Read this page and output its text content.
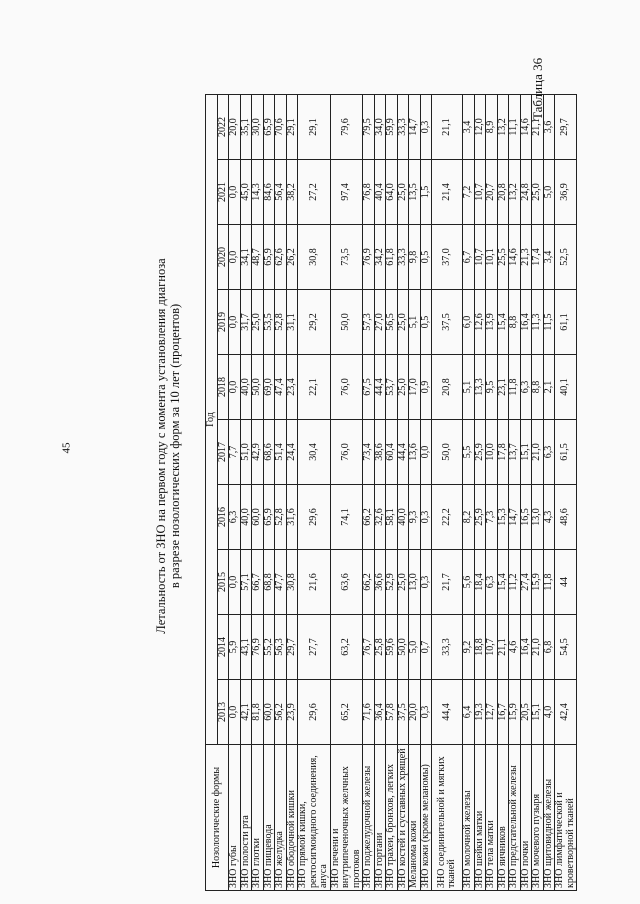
45
Таблица 36
Летальность от ЗНО на первом году с момента установления диагноза в разрезе нозологических форм за 10 лет (процентов)
Нозологические формы	Год									
	2013	2014	2015	2016	2017	2018	2019	2020	2021	2022
ЗНО губы	0,0	5,9	0,0	6,3	7,7	0,0	0,0	0,0	0,0	20,0
ЗНО полости рта	42,1	43,1	57,1	40,0	51,0	40,0	31,7	34,1	45,0	35,1
ЗНО глотки	81,8	76,9	66,7	60,0	42,9	50,0	25,0	48,7	14,3	30,0
ЗНО пищевода	60,0	55,2	68,8	65,9	68,6	69,0	53,5	65,9	84,6	65,9
ЗНО желудка	56,2	56,3	47,7	52,8	51,4	47,4	52,8	62,6	56,4	70,6
ЗНО ободочной кишки	23,9	29,7	30,8	31,6	24,4	23,4	31,1	26,2	38,2	29,1
ЗНО прямой кишки, ректосигмоидного соединения, ануса	29,6	27,7	21,6	29,6	30,4	22,1	29,2	30,8	27,2	29,1
ЗНО печени и внутрипеченочных желчных протоков	65,2	63,2	63,6	74,1	76,0	76,0	50,0	73,5	97,4	79,6
ЗНО поджелудочной железы	71,6	76,7	66,2	66,2	73,4	67,5	57,3	76,9	76,8	79,5
ЗНО гортани	36,4	25,8	36,6	32,6	38,6	44,4	27,0	34,2	40,4	34,0
ЗНО трахеи, бронхов, легких	57,8	59,6	52,9	58,1	60,4	53,7	56,5	61,8	64,0	59,9
ЗНО костей и суставных хрящей	37,5	50,0	25,0	40,0	44,4	25,0	25,0	33,3	25,0	33,3
Меланома кожи	20,0	5,0	13,0	9,3	13,6	17,0	5,1	9,8	13,5	14,7
ЗНО кожи (кроме меланомы)	0,3	0,7	0,3	0,3	0,0	0,9	0,5	0,5	1,5	0,3
ЗНО соединительной и мягких тканей	44,4	33,3	21,7	22,2	50,0	20,8	37,5	37,0	21,4	21,1
ЗНО молочной железы	6,4	9,2	5,6	8,2	5,5	5,1	6,0	6,7	7,2	3,4
ЗНО шейки матки	19,3	18,8	18,4	25,9	25,9	13,3	12,6	10,7	10,7	12,0
ЗНО тела матки	12,7	10,7	6,3	7,3	10,0	9,5	13,9	10,1	20,7	8,9
ЗНО яичников	16,7	21,1	15,4	15,3	17,8	23,1	15,4	25,5	20,8	13,2
ЗНО предстательной железы	15,9	4,6	11,2	14,7	13,7	11,8	8,8	14,6	13,2	11,1
ЗНО почки	20,5	16,4	27,4	16,5	15,1	6,3	16,4	21,3	24,8	14,6
ЗНО мочевого пузыря	15,1	21,0	15,9	13,0	21,0	8,8	11,3	17,4	25,0	21,1
ЗНО щитовидной железы	4,0	6,8	11,8	4,3	6,3	2,1	11,5	3,4	5,0	3,6
ЗНО лимфатической и кроветворной тканей	42,4	54,5	44	48,6	61,5	40,1	61,1	52,5	36,9	29,7
